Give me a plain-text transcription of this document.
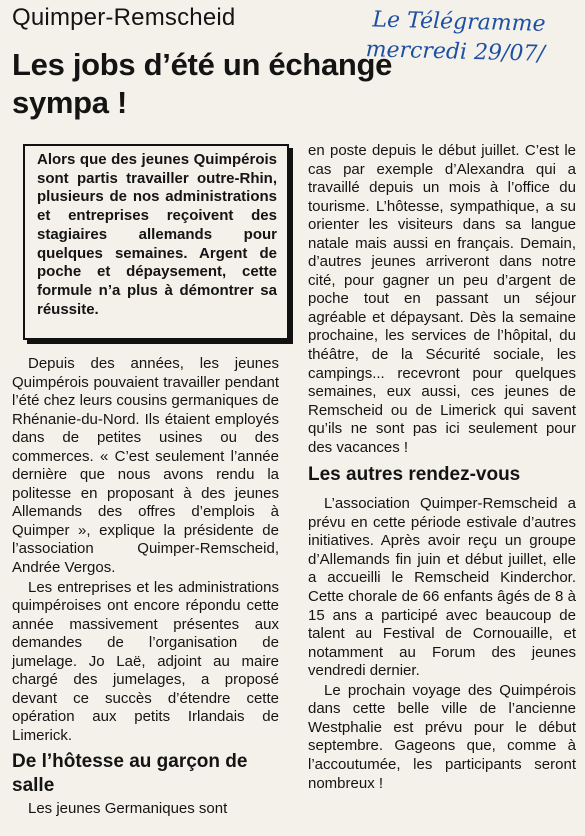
Quimper-Remscheid
Les jobs d’été un échange sympa !
Le Télégramme
mercredi 29/07/
Alors que des jeunes Quimpérois sont partis travailler outre-Rhin, plusieurs de nos administrations et entreprises reçoivent des stagiaires allemands pour quelques semaines. Argent de poche et dépaysement, cette formule n’a plus à démontrer sa réussite.

Depuis des années, les jeunes Quimpérois pouvaient travailler pendant l’été chez leurs cousins germaniques de Rhénanie-du-Nord. Ils étaient employés dans de petites usines ou des commerces. « C’est seulement l’année dernière que nous avons rendu la politesse en proposant à des jeunes Allemands des offres d’emplois à Quimper », explique la présidente de l’association Quimper-Remscheid, Andrée Vergos.

Les entreprises et les administrations quimpéroises ont encore répondu cette année massivement présentes aux demandes de l’organisation de jumelage. Jo Laë, adjoint au maire chargé des jumelages, a proposé devant ce succès d’étendre cette opération aux petits Irlandais de Limerick.

De l’hôtesse au garçon de salle

Les jeunes Germaniques sont

en poste depuis le début juillet. C’est le cas par exemple d’Alexandra qui a travaillé depuis un mois à l’office du tourisme. L’hôtesse, sympathique, a su orienter les visiteurs dans sa langue natale mais aussi en français. Demain, d’autres jeunes arriveront dans notre cité, pour gagner un peu d’argent de poche tout en passant un séjour agréable et dépaysant. Dès la semaine prochaine, les services de l’hôpital, du théâtre, de la Sécurité sociale, les campings... recevront pour quelques semaines, eux aussi, ces jeunes de Remscheid ou de Limerick qui savent qu’ils ne sont pas ici seulement pour des vacances !

Les autres rendez-vous

L’association Quimper-Remscheid a prévu en cette période estivale d’autres initiatives. Après avoir reçu un groupe d’Allemands fin juin et début juillet, elle a accueilli le Remscheid Kinderchor. Cette chorale de 66 enfants âgés de 8 à 15 ans a participé avec beaucoup de talent au Festival de Cornouaille, et notamment au Forum des jeunes vendredi dernier.

Le prochain voyage des Quimpérois dans cette belle ville de l’ancienne Westphalie est prévu pour le début septembre. Gageons que, comme à l’accoutumée, les participants seront nombreux !
